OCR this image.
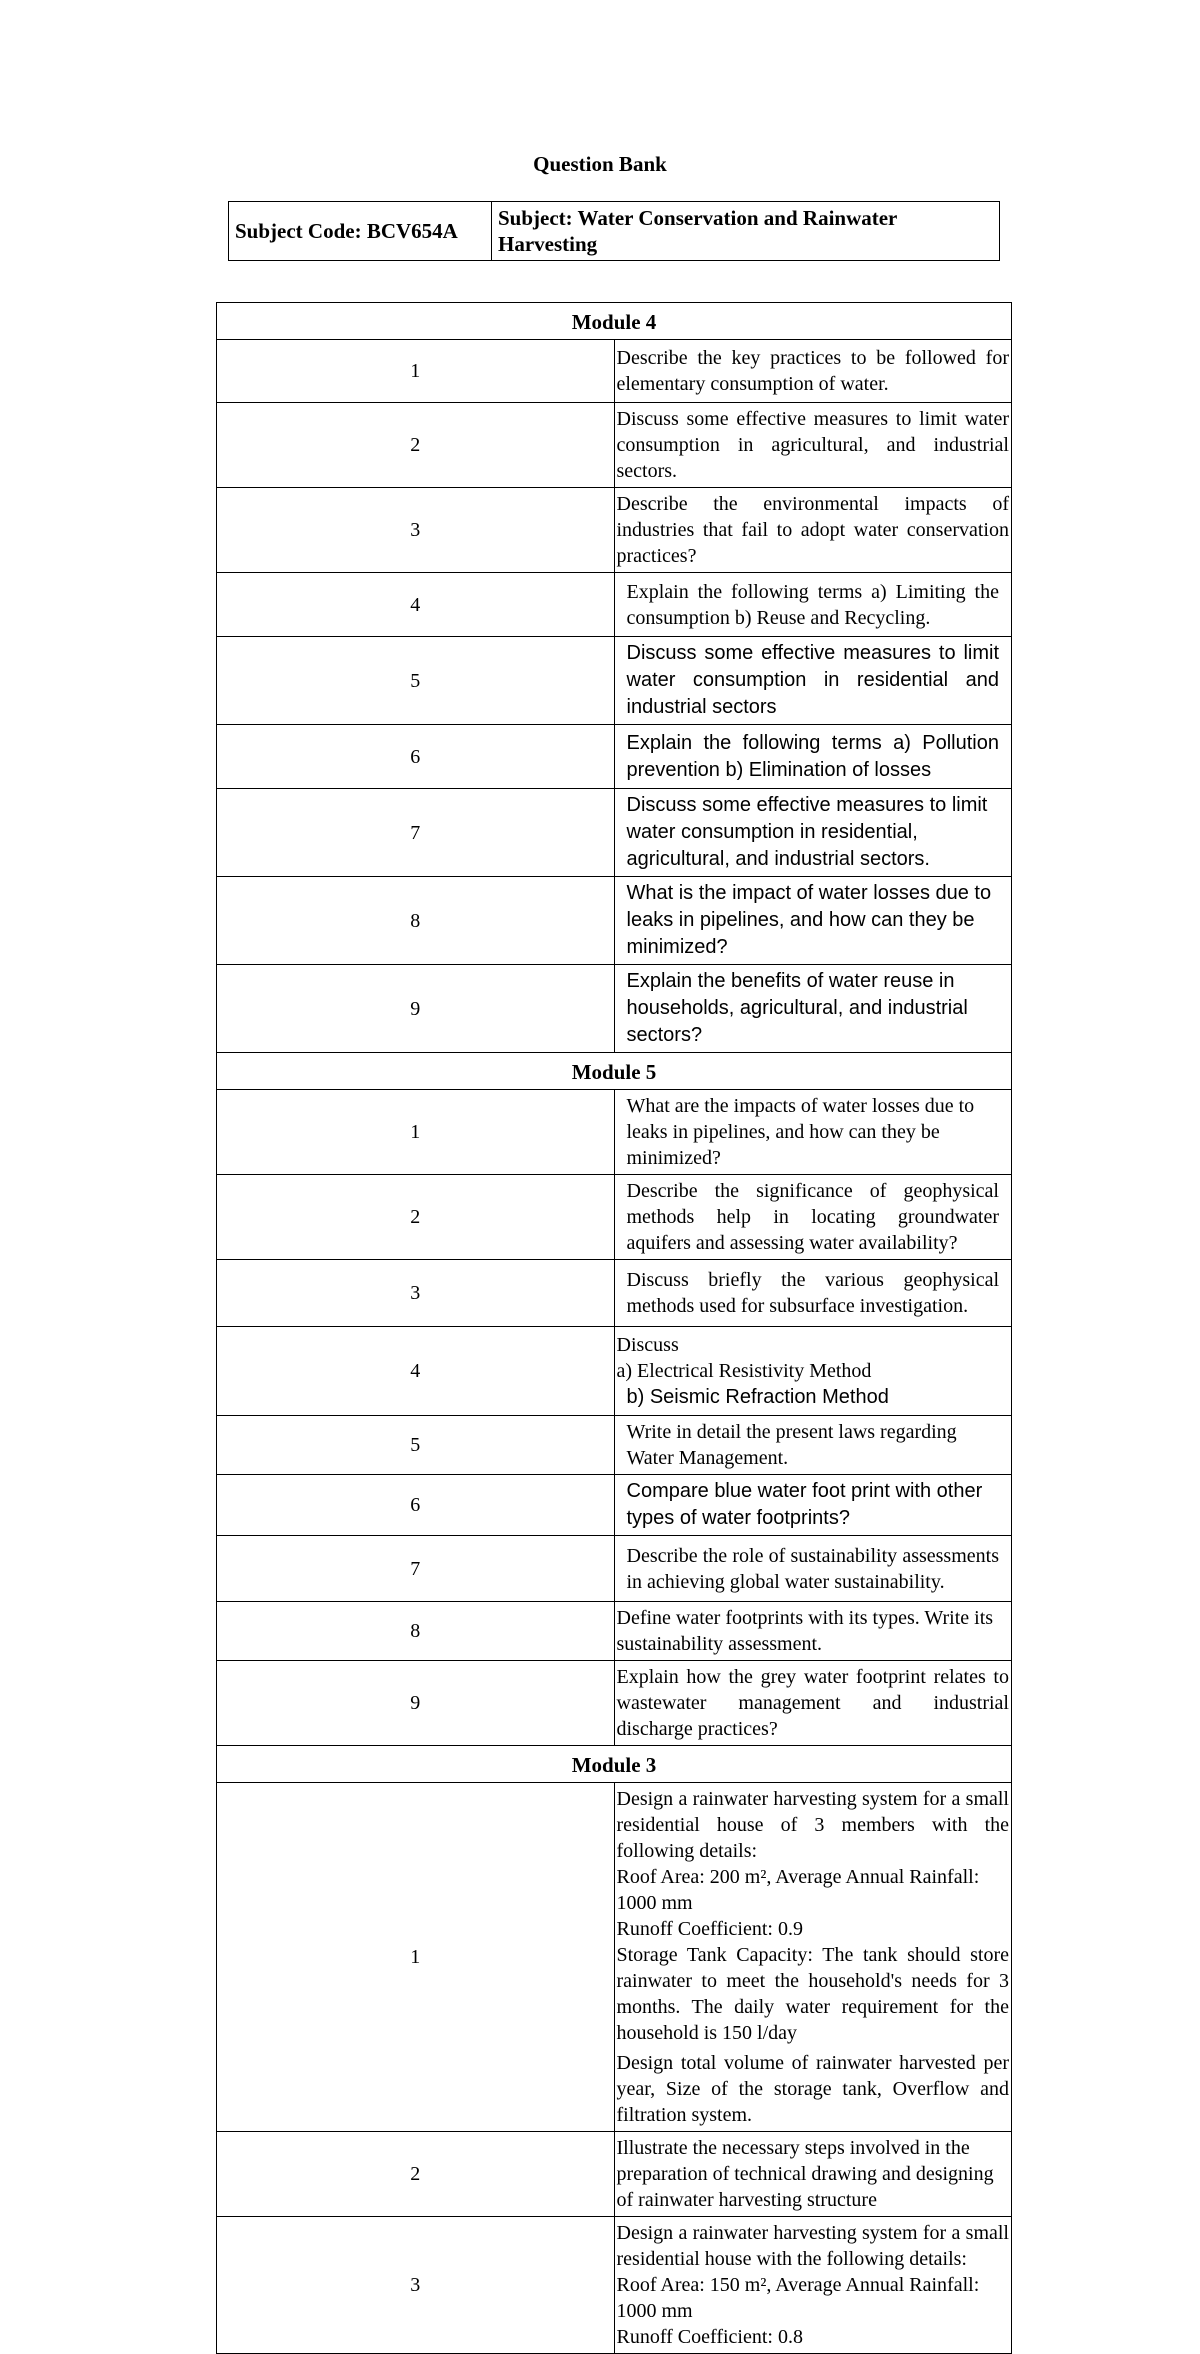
Question Bank
Subject Code: BCV654A	Subject: Water Conservation and Rainwater Harvesting
Module 4	
1	Describe the key practices to be followed for elementary consumption of water.
2	Discuss some effective measures to limit water consumption in agricultural, and industrial sectors.
3	Describe the environmental impacts of industries that fail to adopt water conservation practices?
4	Explain the following terms a) Limiting the consumption b) Reuse and Recycling.
5	Discuss some effective measures to limit water consumption in residential and industrial sectors
6	Explain the following terms a) Pollution prevention b) Elimination of losses
7	Discuss some effective measures to limit water consumption in residential, agricultural, and industrial sectors.
8	What is the impact of water losses due to leaks in pipelines, and how can they be minimized?
9	Explain the benefits of water reuse in households, agricultural, and industrial sectors?
Module 5	
1	What are the impacts of water losses due to leaks in pipelines, and how can they be minimized?
2	Describe the significance of geophysical methods help in locating groundwater aquifers and assessing water availability?
3	Discuss briefly the various geophysical methods used for subsurface investigation.
4	Discuss
a) Electrical Resistivity Method
b) Seismic Refraction Method

5	Write in detail the present laws regarding Water Management.
6	Compare blue water foot print with other types of water footprints?
7	Describe the role of sustainability assessments in achieving global water sustainability.
8	Define water footprints with its types. Write its sustainability assessment.
9	Explain how the grey water footprint relates to wastewater management and industrial discharge practices?
Module 3	
1	Design a rainwater harvesting system for a small residential house of 3 members with the following details:
Roof Area: 200 m², Average Annual Rainfall: 1000 mm
Runoff Coefficient: 0.9
Storage Tank Capacity: The tank should store rainwater to meet the household's needs for 3 months. The daily water requirement for the household is 150 l/day
Design total volume of rainwater harvested per year, Size of the storage tank, Overflow and filtration system.

2	Illustrate the necessary steps involved in the preparation of technical drawing and designing of rainwater harvesting structure
3	Design a rainwater harvesting system for a small residential house with the following details:
Roof Area: 150 m², Average Annual Rainfall: 1000 mm
Runoff Coefficient: 0.8
